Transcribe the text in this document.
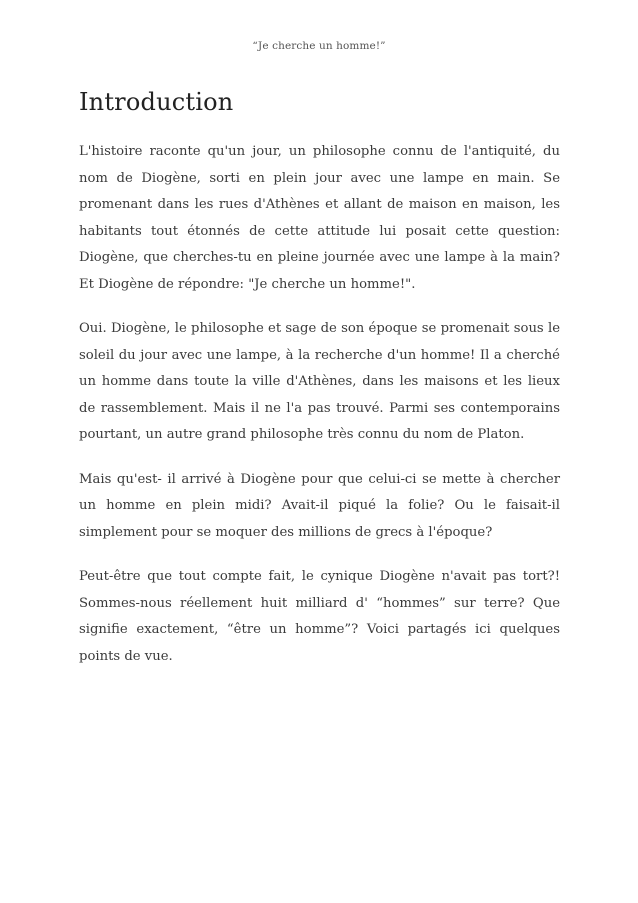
“Je cherche un homme!”
Introduction

L'histoire raconte qu'un jour, un philosophe connu de l'antiquité, du nom de Diogène, sorti en plein jour avec une lampe en main. Se promenant dans les rues d'Athènes et allant de maison en maison, les habitants tout étonnés de cette attitude lui posait cette question: Diogène, que cherches-tu en pleine journée avec une lampe à la main? Et Diogène de répondre: "Je cherche un homme!".

Oui. Diogène, le philosophe et sage de son époque se promenait sous le soleil du jour avec une lampe, à la recherche d'un homme! Il a cherché un homme dans toute la ville d'Athènes, dans les maisons et les lieux de rassemblement. Mais il ne l'a pas trouvé. Parmi ses contemporains pourtant, un autre grand philosophe très connu du nom de Platon.

Mais qu'est- il arrivé à Diogène pour que celui-ci se mette à chercher un homme en plein midi? Avait-il piqué la folie? Ou le faisait-il simplement pour se moquer des millions de grecs à l'époque?

Peut-être que tout compte fait, le cynique Diogène n'avait pas tort?! Sommes-nous réellement huit milliard d' “hommes” sur terre? Que signifie exactement, “être un homme”? Voici partagés ici quelques points de vue.
